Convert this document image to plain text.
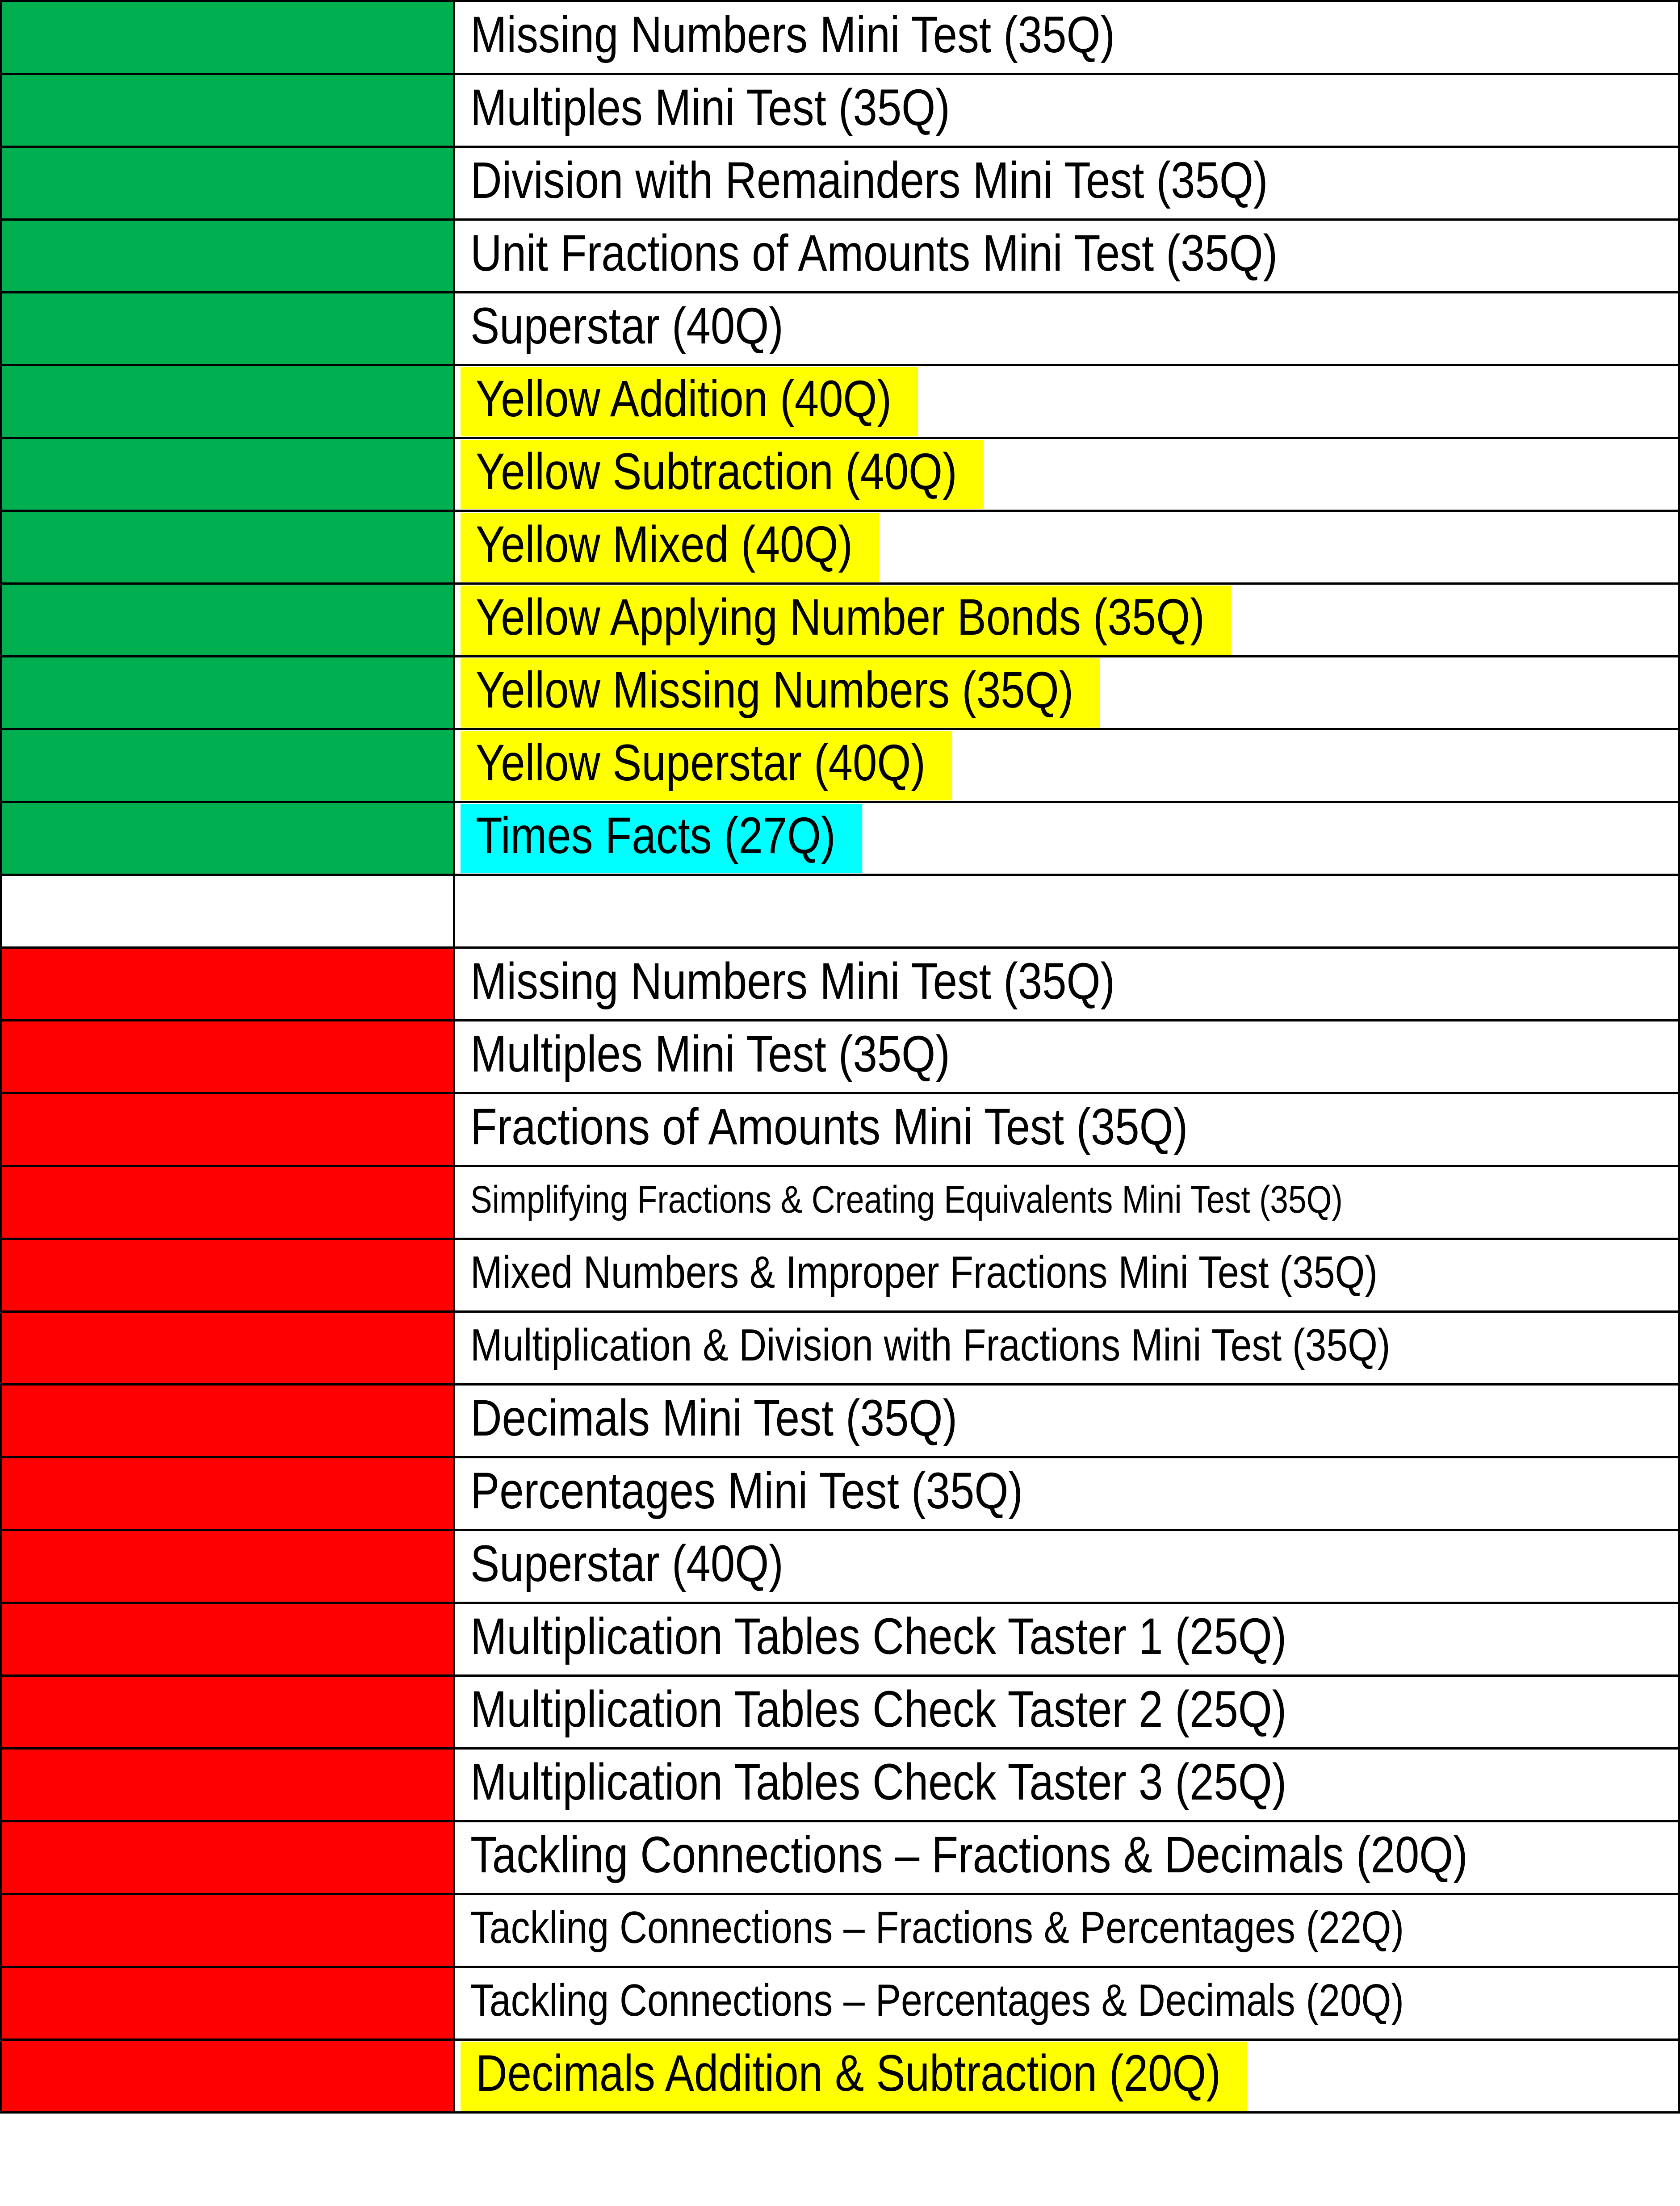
	Missing Numbers Mini Test (35Q)
	Multiples Mini Test (35Q)
	Division with Remainders Mini Test (35Q)
	Unit Fractions of Amounts Mini Test (35Q)
	Superstar (40Q)
	Yellow Addition (40Q)
	Yellow Subtraction (40Q)
	Yellow Mixed (40Q)
	Yellow Applying Number Bonds (35Q)
	Yellow Missing Numbers (35Q)
	Yellow Superstar (40Q)
	Times Facts (27Q)

	Missing Numbers Mini Test (35Q)
	Multiples Mini Test (35Q)
	Fractions of Amounts Mini Test (35Q)
	Simplifying Fractions & Creating Equivalents Mini Test (35Q)
	Mixed Numbers & Improper Fractions Mini Test (35Q)
	Multiplication & Division with Fractions Mini Test (35Q)
	Decimals Mini Test (35Q)
	Percentages Mini Test (35Q)
	Superstar (40Q)
	Multiplication Tables Check Taster 1 (25Q)
	Multiplication Tables Check Taster 2 (25Q)
	Multiplication Tables Check Taster 3 (25Q)
	Tackling Connections – Fractions & Decimals (20Q)
	Tackling Connections – Fractions & Percentages (22Q)
	Tackling Connections – Percentages & Decimals (20Q)
	Decimals Addition & Subtraction (20Q)
